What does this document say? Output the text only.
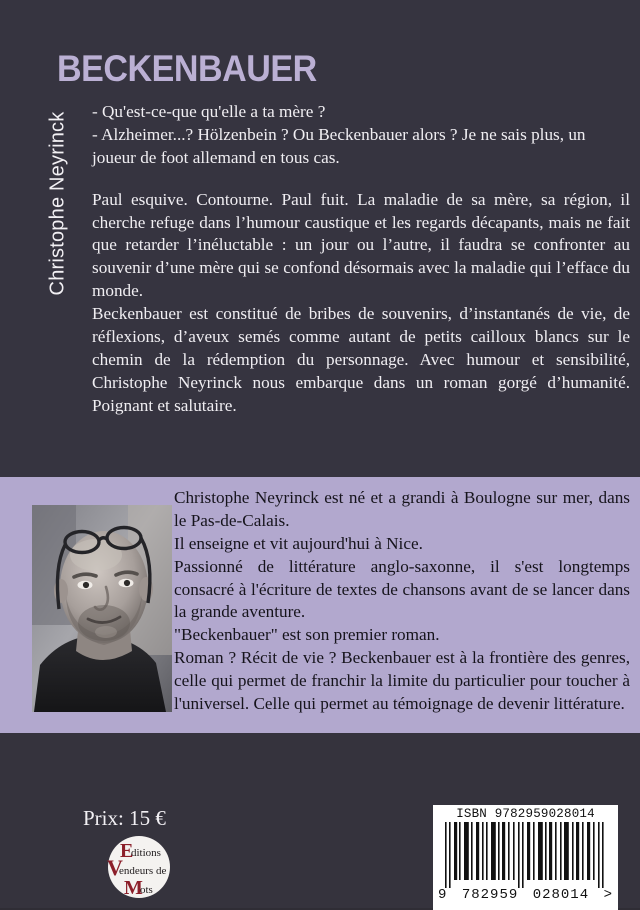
BECKENBAUER
Christophe Neyrinck

- Qu'est-ce-que qu'elle a ta mère ?

- Alzheimer...? Hölzenbein ? Ou Beckenbauer alors ? Je ne sais plus, un joueur de foot allemand en tous cas.

Paul esquive. Contourne. Paul fuit. La maladie de sa mère, sa région, il cherche refuge dans l’humour caustique et les regards décapants, mais ne fait que retarder l’inéluctable : un jour ou l’autre, il faudra se confronter au souvenir d’une mère qui se confond désormais avec la maladie qui l’efface du monde.

Beckenbauer est constitué de bribes de souvenirs, d’instantanés de vie, de réflexions, d’aveux semés comme autant de petits cailloux blancs sur le chemin de la rédemption du personnage. Avec humour et sensibilité, Christophe Neyrinck nous embarque dans un roman gorgé d’humanité. Poignant et salutaire.

Christophe Neyrinck est né et a grandi à Boulogne sur mer, dans le Pas-de-Calais.

Il enseigne et vit aujourd'hui à Nice.

Passionné de littérature anglo-saxonne, il s'est longtemps consacré à l'écriture de textes de chansons avant de se lancer dans la grande aventure.

"Beckenbauer" est son premier roman.

Roman ? Récit de vie ? Beckenbauer est à la frontière des genres, celle qui permet de franchir la limite du particulier pour toucher à l'universel. Celle qui permet au témoignage de devenir littérature.

Prix: 15 €
E
ditions
V
endeurs de
M
ots
ISBN 9782959028014
9 782959 028014 >
